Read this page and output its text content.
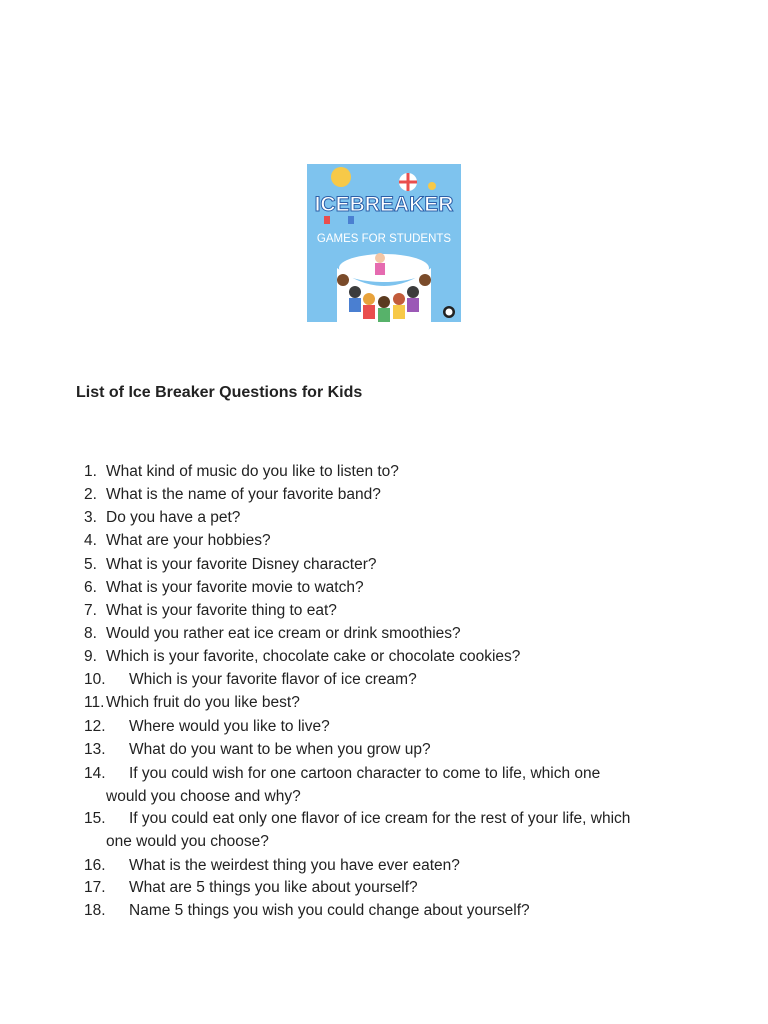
ICEBREAKER
GAMES FOR STUDENTS
List of Ice Breaker Questions for Kids
1. What kind of music do you like to listen to?
2. What is the name of your favorite band?
3. Do you have a pet?
4. What are your hobbies?
5. What is your favorite Disney character?
6. What is your favorite movie to watch?
7. What is your favorite thing to eat?
8. Would you rather eat ice cream or drink smoothies?
9. Which is your favorite, chocolate cake or chocolate cookies?
10. Which is your favorite flavor of ice cream?
11. Which fruit do you like best?
12. Where would you like to live?
13. What do you want to be when you grow up?
14. If you could wish for one cartoon character to come to life, which one
would you choose and why?
15. If you could eat only one flavor of ice cream for the rest of your life, which
one would you choose?
16. What is the weirdest thing you have ever eaten?
17. What are 5 things you like about yourself?
18. Name 5 things you wish you could change about yourself?
